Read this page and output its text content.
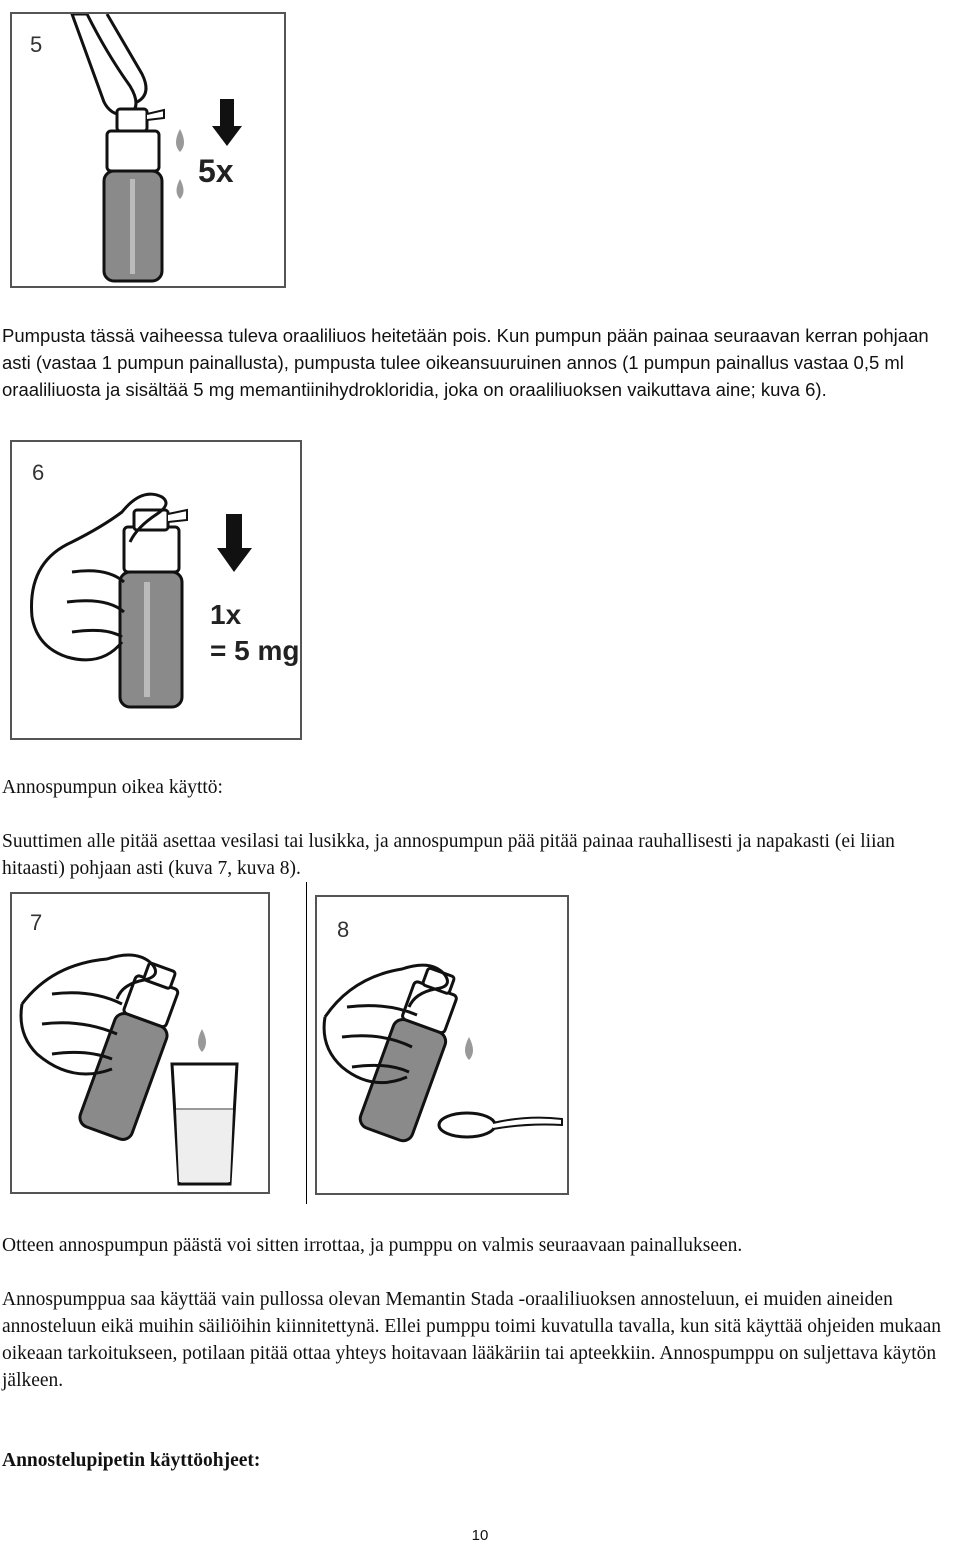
5
5x

Pumpusta tässä vaiheessa tuleva oraaliliuos heitetään pois. Kun pumpun pään painaa seuraavan kerran pohjaan asti (vastaa 1 pumpun painallusta), pumpusta tulee oikeansuuruinen annos (1 pumpun painallus vastaa 0,5 ml oraaliliuosta ja sisältää 5 mg memantiinihydrokloridia, joka on oraaliliuoksen vaikuttava aine; kuva 6).

6
1x
= 5 mg

Annospumpun oikea käyttö:

Suuttimen alle pitää asettaa vesilasi tai lusikka, ja annospumpun pää pitää painaa rauhallisesti ja napakasti (ei liian hitaasti) pohjaan asti (kuva 7, kuva 8).

7	8

Otteen annospumpun päästä voi sitten irrottaa, ja pumppu on valmis seuraavaan painallukseen.

Annospumppua saa käyttää vain pullossa olevan Memantin Stada -oraaliliuoksen annosteluun, ei muiden aineiden annosteluun eikä muihin säiliöihin kiinnitettynä. Ellei pumppu toimi kuvatulla tavalla, kun sitä käyttää ohjeiden mukaan oikeaan tarkoitukseen, potilaan pitää ottaa yhteys hoitavaan lääkäriin tai apteekkiin. Annospumppu on suljettava käytön jälkeen.

Annostelupipetin käyttöohjeet:

10
